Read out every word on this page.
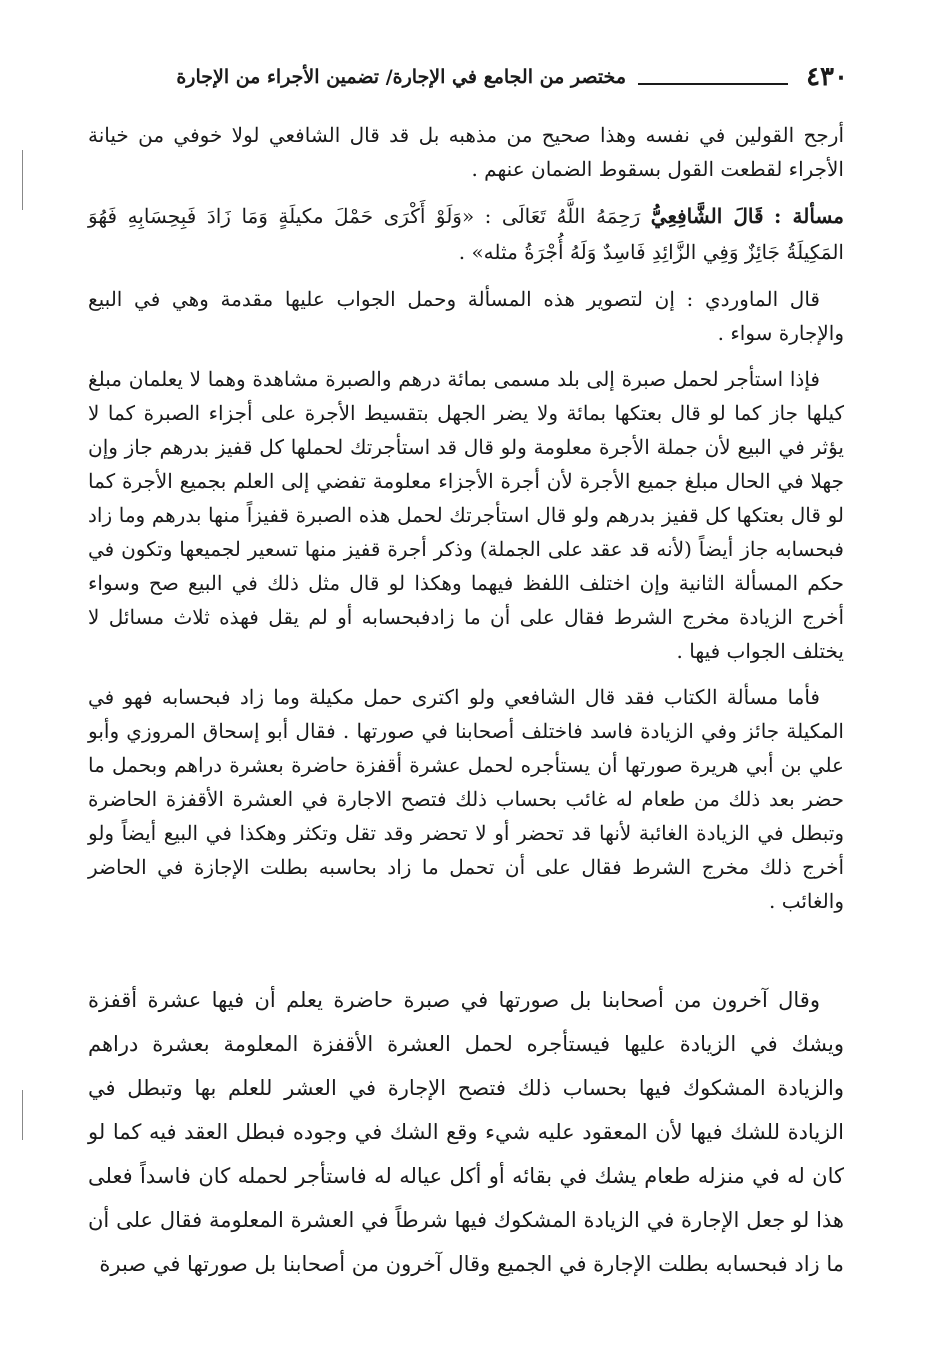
٤٣٠
مختصر من الجامع في الإجارة/ تضمين الأجراء من الإجارة

أرجح القولين في نفسه وهذا صحيح من مذهبه بل قد قال الشافعي لولا خوفي من خيانة الأجراء لقطعت القول بسقوط الضمان عنهم .

مسألة : قَالَ الشَّافِعِيُّ رَحِمَهُ اللَّهُ تَعَالَى : «وَلَوْ أَكْرَى حَمْلَ مكيلَةٍ وَمَا زَادَ فَبِحِسَابِهِ فَهُوَ المَكِيلَةُ جَائِزٌ وَفِي الزَّائِدِ فَاسِدٌ وَلَهُ أُجْرَةُ مثله» .

قال الماوردي : إن لتصوير هذه المسألة وحمل الجواب عليها مقدمة وهي في البيع والإجارة سواء .

فإذا استأجر لحمل صبرة إلى بلد مسمى بمائة درهم والصبرة مشاهدة وهما لا يعلمان مبلغ كيلها جاز كما لو قال بعتكها بمائة ولا يضر الجهل بتقسيط الأجرة على أجزاء الصبرة كما لا يؤثر في البيع لأن جملة الأجرة معلومة ولو قال قد استأجرتك لحملها كل قفيز بدرهم جاز وإن جهلا في الحال مبلغ جميع الأجرة لأن أجرة الأجزاء معلومة تفضي إلى العلم بجميع الأجرة كما لو قال بعتكها كل قفيز بدرهم ولو قال استأجرتك لحمل هذه الصبرة قفيزاً منها بدرهم وما زاد فبحسابه جاز أيضاً (لأنه قد عقد على الجملة) وذكر أجرة قفيز منها تسعير لجميعها وتكون في حكم المسألة الثانية وإن اختلف اللفظ فيهما وهكذا لو قال مثل ذلك في البيع صح وسواء أخرج الزيادة مخرج الشرط فقال على أن ما زادفبحسابه أو لم يقل فهذه ثلاث مسائل لا يختلف الجواب فيها .

فأما مسألة الكتاب فقد قال الشافعي ولو اكترى حمل مكيلة وما زاد فبحسابه فهو في المكيلة جائز وفي الزيادة فاسد فاختلف أصحابنا في صورتها . فقال أبو إسحاق المروزي وأبو علي بن أبي هريرة صورتها أن يستأجره لحمل عشرة أقفزة حاضرة بعشرة دراهم وبحمل ما حضر بعد ذلك من طعام له غائب بحساب ذلك فتصح الاجارة في العشرة الأقفزة الحاضرة وتبطل في الزيادة الغائبة لأنها قد تحضر أو لا تحضر وقد تقل وتكثر وهكذا في البيع أيضاً ولو أخرج ذلك مخرج الشرط فقال على أن تحمل ما زاد بحاسبه بطلت الإجازة في الحاضر والغائب .

وقال آخرون من أصحابنا بل صورتها في صبرة حاضرة يعلم أن فيها عشرة أقفزة ويشك في الزيادة عليها فيستأجره لحمل العشرة الأقفزة المعلومة بعشرة دراهم والزيادة المشكوك فيها بحساب ذلك فتصح الإجارة في العشر للعلم بها وتبطل في الزيادة للشك فيها لأن المعقود عليه شيء وقع الشك في وجوده فبطل العقد فيه كما لو كان له في منزله طعام يشك في بقائه أو أكل عياله له فاستأجر لحمله كان فاسداً فعلى هذا لو جعل الإجارة في الزيادة المشكوك فيها شرطاً في العشرة المعلومة فقال على أن ما زاد فبحسابه بطلت الإجارة في الجميع وقال آخرون من أصحابنا بل صورتها في صبرة
